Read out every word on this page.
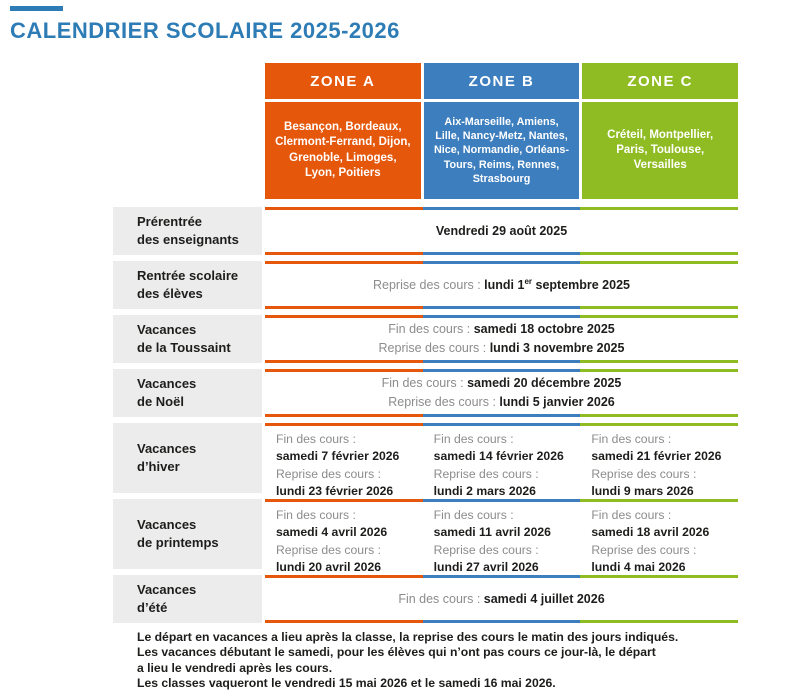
CALENDRIER SCOLAIRE 2025-2026
ZONE A	ZONE B	ZONE C
Besançon, Bordeaux, Clermont-Ferrand, Dijon, Grenoble, Limoges, Lyon, Poitiers
Aix-Marseille, Amiens, Lille, Nancy-Metz, Nantes, Nice, Normandie, Orléans-Tours, Reims, Rennes, Strasbourg
Créteil, Montpellier, Paris, Toulouse, Versailles
Prérentrée
des enseignants
Vendredi 29 août 2025
Rentrée scolaire
des élèves
Reprise des cours : lundi 1er septembre 2025
Vacances
de la Toussaint
Fin des cours : samedi 18 octobre 2025
Reprise des cours : lundi 3 novembre 2025
Vacances
de Noël
Fin des cours : samedi 20 décembre 2025
Reprise des cours : lundi 5 janvier 2026
Vacances
d’hiver
Fin des cours :
samedi 7 février 2026
Reprise des cours :
lundi 23 février 2026
Fin des cours :
samedi 14 février 2026
Reprise des cours :
lundi 2 mars 2026
Fin des cours :
samedi 21 février 2026
Reprise des cours :
lundi 9 mars 2026
Vacances
de printemps
Fin des cours :
samedi 4 avril 2026
Reprise des cours :
lundi 20 avril 2026
Fin des cours :
samedi 11 avril 2026
Reprise des cours :
lundi 27 avril 2026
Fin des cours :
samedi 18 avril 2026
Reprise des cours :
lundi 4 mai 2026
Vacances
d’été
Fin des cours : samedi 4 juillet 2026
Le départ en vacances a lieu après la classe, la reprise des cours le matin des jours indiqués.
Les vacances débutant le samedi, pour les élèves qui n’ont pas cours ce jour-là, le départ
a lieu le vendredi après les cours.
Les classes vaqueront le vendredi 15 mai 2026 et le samedi 16 mai 2026.
